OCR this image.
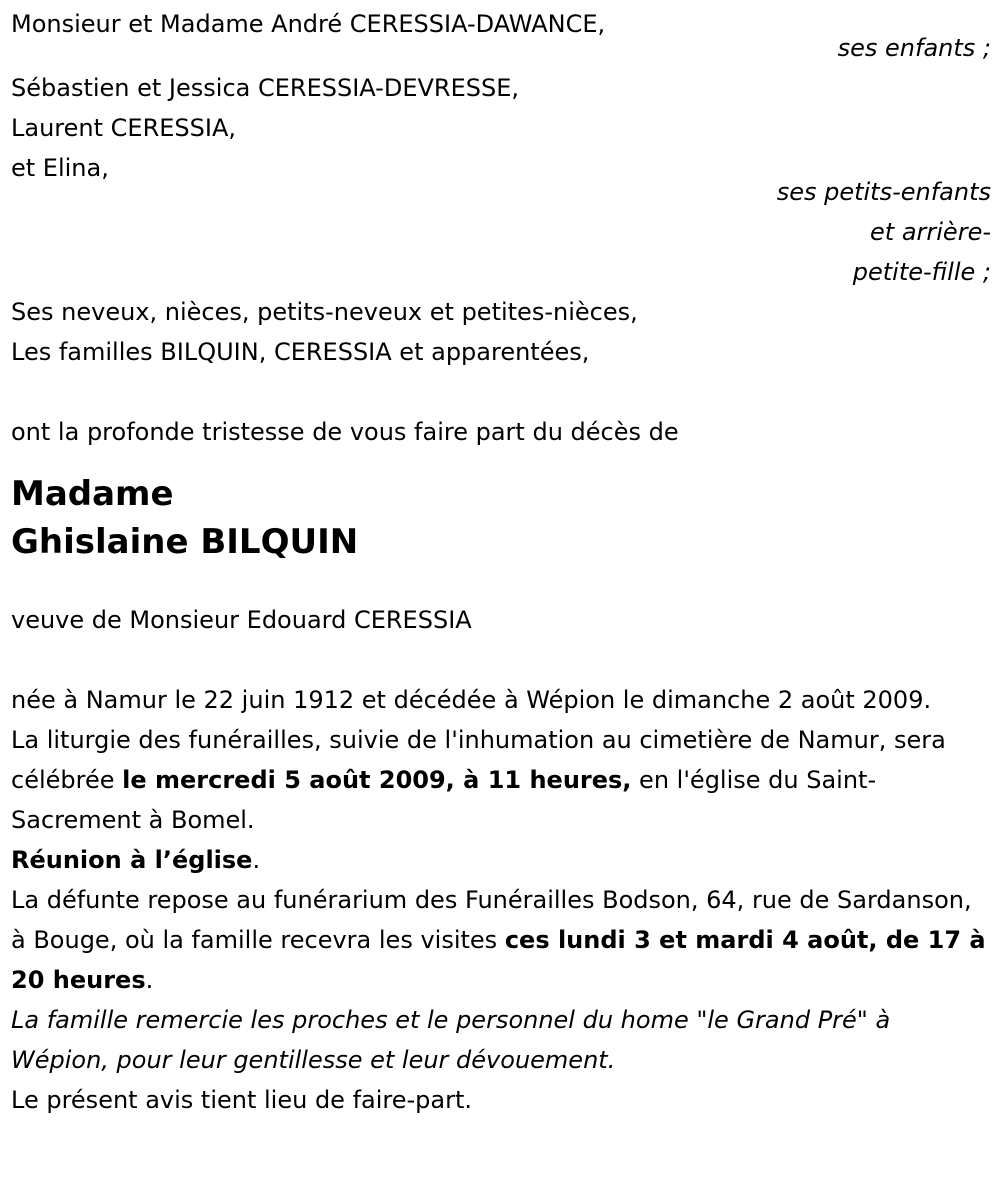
Monsieur et Madame André CERESSIA-DAWANCE,
ses enfants ;
Sébastien et Jessica CERESSIA-DEVRESSE,
Laurent CERESSIA,
et Elina,
ses petits-enfants
et arrière-
petite-fille ;
Ses neveux, nièces, petits-neveux et petites-nièces,
Les familles BILQUIN, CERESSIA et apparentées,
ont la profonde tristesse de vous faire part du décès de
Madame
Ghislaine BILQUIN
veuve de Monsieur Edouard CERESSIA
née à Namur le 22 juin 1912 et décédée à Wépion le dimanche 2 août 2009.
La liturgie des funérailles, suivie de l'inhumation au cimetière de Namur, sera célébrée le mercredi 5 août 2009, à 11 heures, en l'église du Saint-Sacrement à Bomel.
Réunion à l’église.
La défunte repose au funérarium des Funérailles Bodson, 64, rue de Sardanson, à Bouge, où la famille recevra les visites ces lundi 3 et mardi 4 août, de 17 à 20 heures.
La famille remercie les proches et le personnel du home "le Grand Pré" à Wépion, pour leur gentillesse et leur dévouement.
Le présent avis tient lieu de faire-part.
